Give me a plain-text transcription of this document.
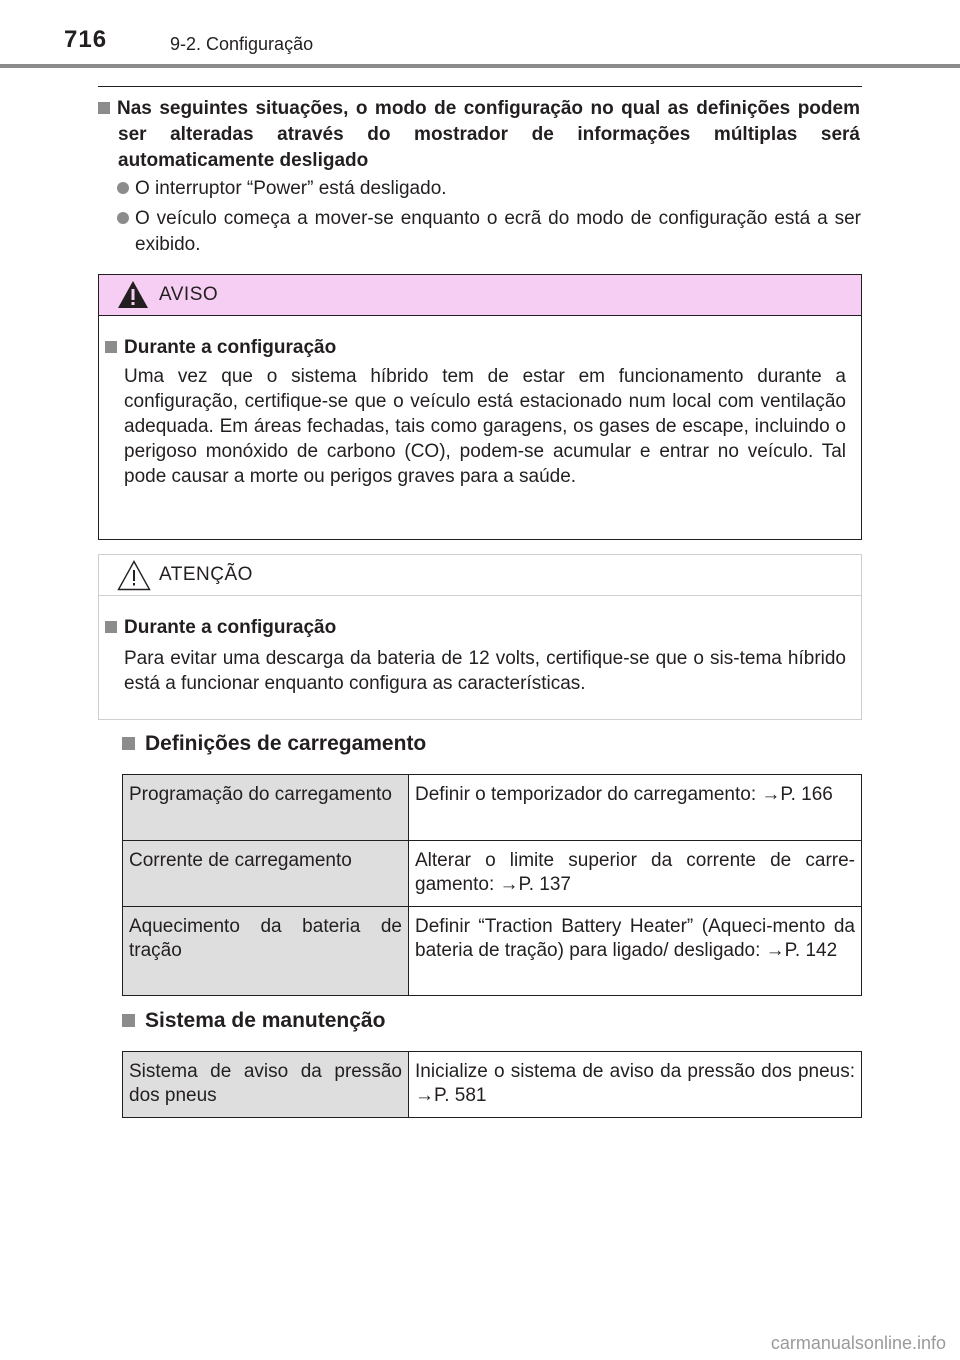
716	9-2. Configuração
Nas seguintes situações, o modo de configuração no qual as definições podem ser alteradas através do mostrador de informações múltiplas será automaticamente desligado
O interruptor “Power” está desligado.
O veículo começa a mover-se enquanto o ecrã do modo de configuração está a ser exibido.
AVISO
Durante a configuração
Uma vez que o sistema híbrido tem de estar em funcionamento durante a configuração, certifique-se que o veículo está estacionado num local com ventilação adequada. Em áreas fechadas, tais como garagens, os gases de escape, incluindo o perigoso monóxido de carbono (CO), podem-se acumular e entrar no veículo. Tal pode causar a morte ou perigos graves para a saúde.
ATENÇÃO
Durante a configuração
Para evitar uma descarga da bateria de 12 volts, certifique-se que o sis-tema híbrido está a funcionar enquanto configura as características.
Definições de carregamento
Programação do carregamento	Definir o temporizador do carregamento: →P. 166
Corrente de carregamento	Alterar o limite superior da corrente de carre-gamento: →P. 137
Aquecimento da bateria de tração	Definir “Traction Battery Heater” (Aqueci-mento da bateria de tração) para ligado/ desligado: →P. 142
Sistema de manutenção
Sistema de aviso da pressão dos pneus	Inicialize o sistema de aviso da pressão dos pneus: →P. 581
carmanualsonline.info
